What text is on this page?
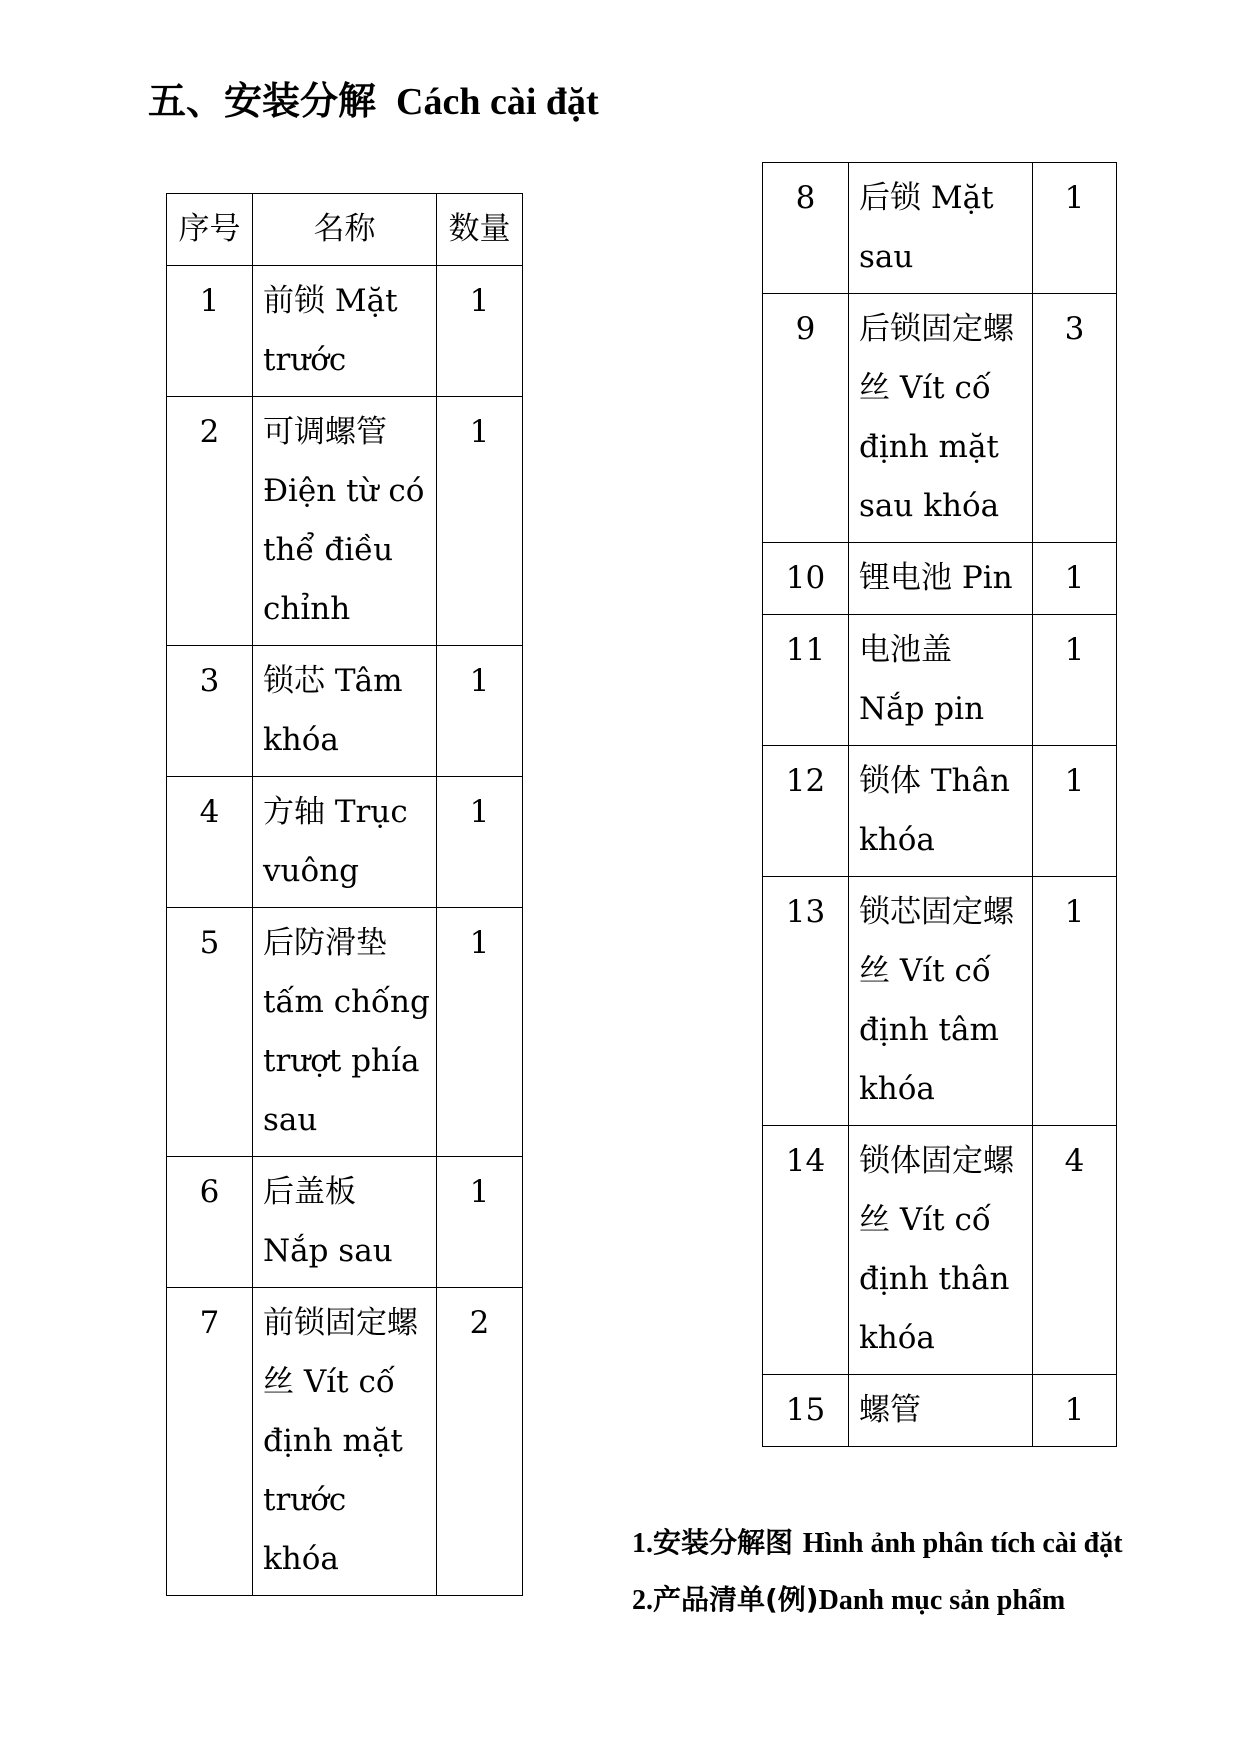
五、安装分解 Cách cài đặt
序号	名称	数量
1	前锁 Mặt trước	1
2	可调螺管 Điện từ có thể điều chỉnh	1
3	锁芯 Tâm khóa	1
4	方轴 Trục vuông	1
5	后防滑垫 tấm chống trượt phía sau	1
6	后盖板 Nắp sau	1
7	前锁固定螺丝 Vít cố định mặt trước khóa	2
8	后锁 Mặt sau	1
9	后锁固定螺丝 Vít cố định mặt sau khóa	3
10	锂电池 Pin	1
11	电池盖 Nắp pin	1
12	锁体 Thân khóa	1
13	锁芯固定螺丝 Vít cố định tâm khóa	1
14	锁体固定螺丝 Vít cố định thân khóa	4
15	螺管	1
1.安装分解图 Hình ảnh phân tích cài đặt
2.产品清单(例)Danh mục sản phẩm
